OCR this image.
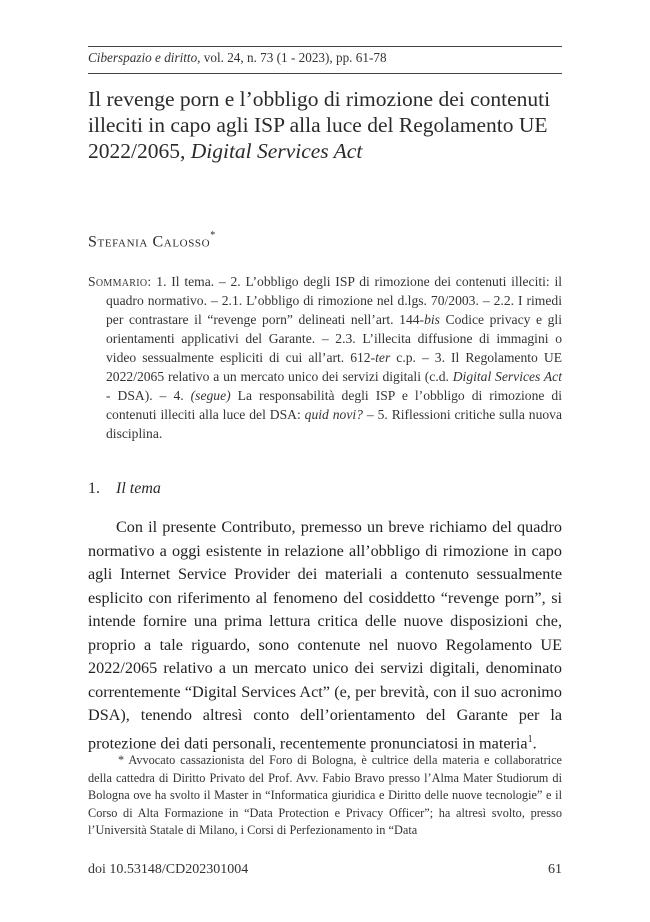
Ciberspazio e diritto, vol. 24, n. 73 (1 - 2023), pp. 61-78
Il revenge porn e l’obbligo di rimozione dei contenuti illeciti in capo agli ISP alla luce del Regolamento UE 2022/2065, Digital Services Act
Stefania Calosso*
Sommario: 1. Il tema. – 2. L’obbligo degli ISP di rimozione dei contenuti illeciti: il quadro normativo. – 2.1. L’obbligo di rimozione nel d.lgs. 70/2003. – 2.2. I rimedi per contrastare il “revenge porn” delineati nell’art. 144-bis Codice privacy e gli orientamenti applicativi del Garante. – 2.3. L’illecita diffusione di immagini o video sessualmente espliciti di cui all’art. 612-ter c.p. – 3. Il Regolamento UE 2022/2065 relativo a un mercato unico dei servizi digitali (c.d. Digital Services Act - DSA). – 4. (segue) La responsabilità degli ISP e l’obbligo di rimozione di contenuti illeciti alla luce del DSA: quid novi? – 5. Riflessioni critiche sulla nuova disciplina.
1. Il tema

Con il presente Contributo, premesso un breve richiamo del quadro normativo a oggi esistente in relazione all’obbligo di rimozione in capo agli Internet Service Provider dei materiali a contenuto sessualmente esplicito con riferimento al fenomeno del cosiddetto “revenge porn”, si intende fornire una prima lettura critica delle nuove disposizioni che, proprio a tale riguardo, sono contenute nel nuovo Regolamento UE 2022/2065 relativo a un mercato unico dei servizi digitali, denominato correntemente “Digital Services Act” (e, per brevità, con il suo acronimo DSA), tenendo altresì conto dell’orientamento del Garante per la protezione dei dati personali, recentemente pronunciatosi in materia$^1$.

* Avvocato cassazionista del Foro di Bologna, è cultrice della materia e collaboratrice della cattedra di Diritto Privato del Prof. Avv. Fabio Bravo presso l’Alma Mater Studiorum di Bologna ove ha svolto il Master in “Informatica giuridica e Diritto delle nuove tecnologie” e il Corso di Alta Formazione in “Data Protection e Privacy Officer”; ha altresì svolto, presso l’Università Statale di Milano, i Corsi di Perfezionamento in “Data

doi 10.53148/CD202301004	61
